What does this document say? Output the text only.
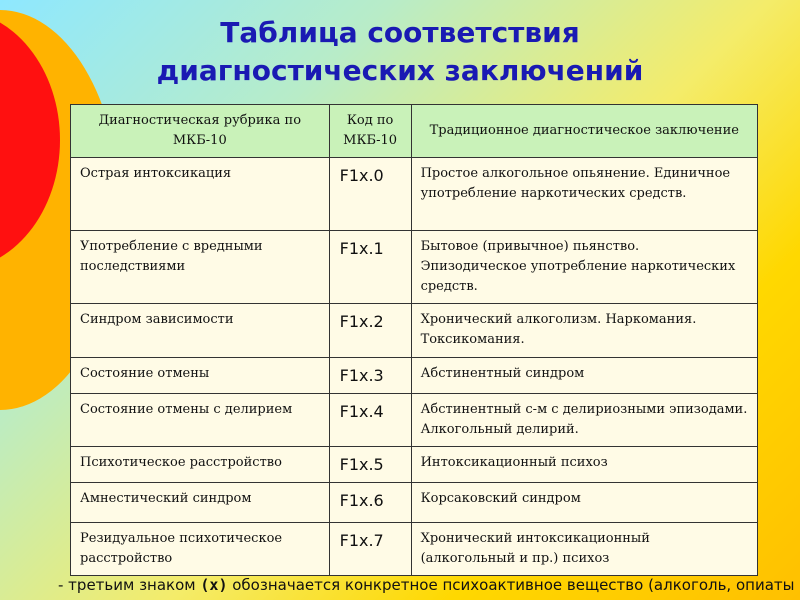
Таблица соответствия
диагностических заключений
Диагностическая рубрика по МКБ-10	Код по МКБ-10	Традиционное диагностическое заключение
Острая интоксикация	F1x.0	Простое алкогольное опьянение. Единичное употребление наркотических средств.
Употребление с вредными последствиями	F1x.1	Бытовое (привычное) пьянство. Эпизодическое употребление наркотических средств.
Синдром зависимости	F1x.2	Хронический алкоголизм. Наркомания. Токсикомания.
Состояние отмены	F1x.3	Абстинентный синдром
Состояние отмены с делирием	F1x.4	Абстинентный с-м с делириозными эпизодами. Алкогольный делирий.
Психотическое расстройство	F1x.5	Интоксикационный психоз
Амнестический синдром	F1x.6	Корсаковский синдром
Резидуальное психотическое расстройство	F1x.7	Хронический интоксикационный (алкогольный и пр.) психоз
- третьим знаком (x) обозначается конкретное психоактивное вещество (алкоголь, опиаты
